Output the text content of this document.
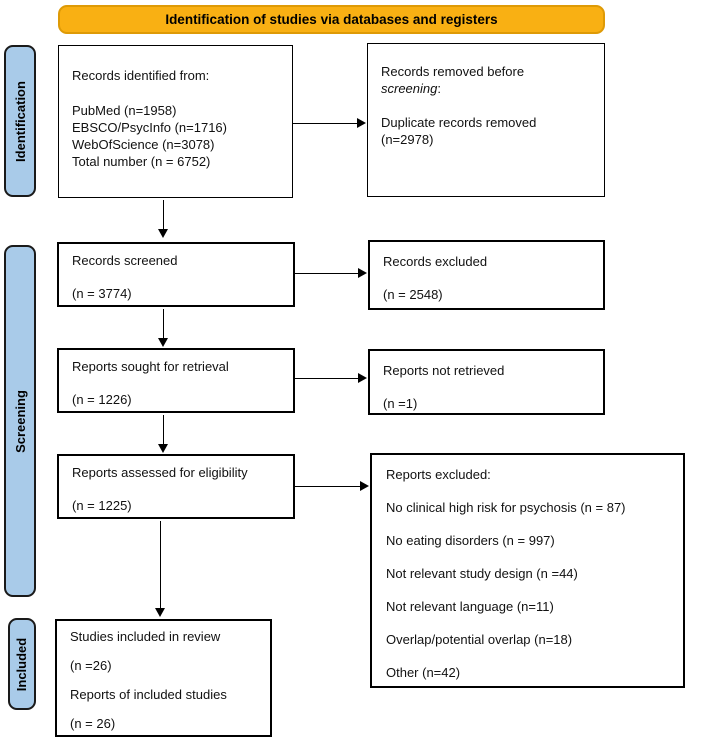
Identification of studies via databases and registers
Identification
Screening
Included
Records identified from:
PubMed (n=1958)
EBSCO/PsycInfo (n=1716)
WebOfScience (n=3078)
Total number (n = 6752)
Records removed before
screening:
Duplicate records removed
(n=2978)
Records screened
(n = 3774)
Records excluded
(n = 2548)
Reports sought for retrieval
(n = 1226)
Reports not retrieved
(n =1)
Reports assessed for eligibility
(n = 1225)
Reports excluded:
No clinical high risk for psychosis (n = 87)
No eating disorders (n = 997)
Not relevant study design (n =44)
Not relevant language (n=11)
Overlap/potential overlap (n=18)
Other (n=42)
Studies included in review
(n =26)
Reports of included studies
(n = 26)
